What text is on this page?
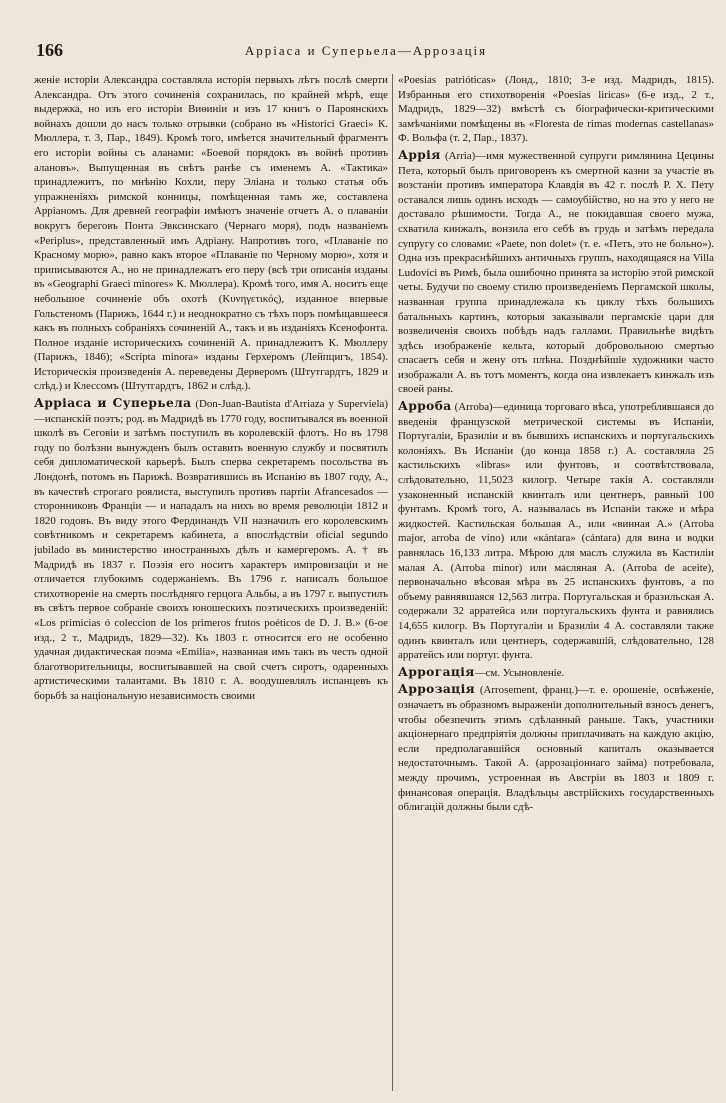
166	Арріаса и Суперьела—Аррозація

женіе исторіи Александра составляла исторія первыхъ лѣтъ послѣ смерти Александра. Отъ этого сочиненія сохранилась, по крайней мѣрѣ, еще выдержка, но изъ его исторіи Виѳиніи и изъ 17 книгъ о Пароянскихъ войнахъ дошли до насъ только отрывки (собрано въ «Historici Graeci» К. Мюллера, т. 3, Пар., 1849). Кромѣ того, имѣется значительный фрагментъ его исторіи войны съ аланами: «Боевой порядокъ въ войнѣ противъ алановъ». Выпущенная въ свѣтъ ранѣе съ именемъ А. «Тактика» принадлежитъ, по мнѣнію Кохли, перу Эліана и только статья объ упражненіяхъ римской конницы, помѣщенная тамъ же, составлена Арріаномъ. Для древней географіи имѣютъ значеніе отчетъ А. о плаваніи вокругъ береговъ Понта Эвксинскаго (Чернаго моря), подъ названіемъ «Periplus», представленный имъ Адріану. Напротивъ того, «Плаваніе по Красному морю», равно какъ второе «Плаваніе по Черному морю», хотя и приписываются А., но не принадлежатъ его перу (всѣ три описанія изданы въ «Geographi Graeci minores» К. Мюллера). Кромѣ того, имя А. носитъ еще небольшое сочиненіе объ охотѣ (Κυνηγετικός), изданное впервые Гольстеномъ (Парижъ, 1644 г.) и неоднократно съ тѣхъ поръ помѣщавшееся какъ въ полныхъ собраніяхъ сочиненій А., такъ и въ изданіяхъ Ксенофонта. Полное изданіе историческихъ сочиненій А. принадлежитъ К. Мюллеру (Парижъ, 1846); «Scripta minora» изданы Герхеромъ (Лейпцигъ, 1854). Историческія произведенія А. переведены Дерверомъ (Штутгардтъ, 1829 и слѣд.) и Клессомъ (Штутгардтъ, 1862 и слѣд.).

Арріаса и Суперьела (Don-Juan-Bautista d'Arriaza y Superviela)—испанскій поэтъ; род. въ Мадридѣ въ 1770 году, воспитывался въ военной школѣ въ Сеговіи и затѣмъ поступилъ въ королевскій флотъ. Но въ 1798 году по болѣзни вынужденъ былъ оставить военную службу и посвятилъ себя дипломатической карьерѣ. Былъ сперва секретаремъ посольства въ Лондонѣ, потомъ въ Парижѣ. Возвратившись въ Испанію въ 1807 году, А., въ качествѣ строгаго роялиста, выступилъ противъ партіи Afrancesados — сторонниковъ Франціи — и нападалъ на нихъ во время революціи 1812 и 1820 годовъ. Въ виду этого Фердинандъ VII назначилъ его королевскимъ совѣтникомъ и секретаремъ кабинета, а впослѣдствіи oficial segundo jubilado въ министерство иностранныхъ дѣлъ и камергеромъ. А. † въ Мадридѣ въ 1837 г. Поэзія его носитъ характеръ импровизаціи и не отличается глубокимъ содержаніемъ. Въ 1796 г. написалъ большое стихотвореніе на смерть послѣдняго герцога Альбы, а въ 1797 г. выпустилъ въ свѣтъ первое собраніе своихъ юношескихъ поэтическихъ произведеній: «Los primicias ó coleccion de los primeros frutos poéticos de D. J. B.» (6-ое изд., 2 т., Мадридъ, 1829—32). Къ 1803 г. относится его не особенно удачная дидактическая поэма «Emilia», названная имъ такъ въ честь одной благотворительницы, воспитывавшей на свой счетъ сиротъ, одаренныхъ артистическими талантами. Въ 1810 г. А. воодушевлялъ испанцевъ къ борьбѣ за національную независимость своими

«Poesias patrióticas» (Лонд., 1810; 3-е изд. Мадридъ, 1815). Избранныя его стихотворенія «Poesias liricas» (6-е изд., 2 т., Мадридъ, 1829—32) вмѣстѣ съ біографически-критическими замѣчаніями помѣщены въ «Floresta de rimas modernas castellanas» Ф. Вольфа (т. 2, Пар., 1837).

Аррія (Arria)—имя мужественной супруги римлянина Цецины Пета, который былъ приговоренъ къ смертной казни за участіе въ возстаніи противъ императора Клавдія въ 42 г. послѣ Р. Х. Пету оставался лишь одинъ исходъ — самоубійство, но на это у него не доставало рѣшимости. Тогда А., не покидавшая своего мужа, схватила кинжалъ, вонзила его себѣ въ грудь и затѣмъ передала супругу со словами: «Paete, non dolet» (т. е. «Петъ, это не больно»). Одна изъ прекраснѣйшихъ античныхъ группъ, находящаяся на Villa Ludovici въ Римѣ, была ошибочно принята за исторію этой римской четы. Будучи по своему стилю произведеніемъ Пергамской школы, названная группа принадлежала къ циклу тѣхъ большихъ батальныхъ картинъ, которыя заказывали пергамскіе цари для возвеличенія своихъ побѣдъ надъ галлами. Правильнѣе видѣть здѣсь изображеніе кельта, который добровольною смертью спасаетъ себя и жену отъ плѣна. Позднѣйшіе художники часто изображали А. въ тотъ моментъ, когда она извлекаетъ кинжалъ изъ своей раны.

Арроба (Arroba)—единица торговаго вѣса, употреблявшаяся до введенія французской метрической системы въ Испаніи, Португаліи, Бразиліи и въ бывшихъ испанскихъ и португальскихъ колоніяхъ. Въ Испаніи (до конца 1858 г.) А. составляла 25 кастильскихъ «libras» или фунтовъ, и соотвѣтствовала, слѣдовательно, 11,5023 килогр. Четыре такія А. составляли узаконенный испанскій квинталъ или центнеръ, равный 100 фунтамъ. Кромѣ того, А. называлась въ Испаніи также и мѣра жидкостей. Кастильская большая А., или «винная А.» (Arroba major, arroba de vino) или «кántara» (cántara) для вина и водки равнялась 16,133 литра. Мѣрою для маслъ служила въ Кастиліи малая А. (Arroba minor) или масляная А. (Arroba de aceite), первоначально вѣсовая мѣра въ 25 испанскихъ фунтовъ, а по объему равнявшаяся 12,563 литра. Португальская и бразильская А. содержали 32 арратейса или португальскихъ фунта и равнялись 14,655 килогр. Въ Португаліи и Бразиліи 4 А. составляли также одинъ квинталъ или центнеръ, содержавшій, слѣдовательно, 128 арратейсъ или португ. фунта.

Аррогація—см. Усыновленіе.

Аррозація (Arrosement, франц.)—т. е. орошеніе, освѣженіе, означаетъ въ образномъ выраженіи дополнительный взносъ денегъ, чтобы обезпечить этимъ сдѣланный раньше. Такъ, участники акціонернаго предпріятія должны приплачивать на каждую акцію, если предполагавшійся основный капиталъ оказывается недостаточнымъ. Такой А. (аррозаціоннаго займа) потребовала, между прочимъ, устроенная въ Австріи въ 1803 и 1809 г. финансовая операція. Владѣльцы австрійскихъ государственныхъ облигацій должны были сдѣ-
